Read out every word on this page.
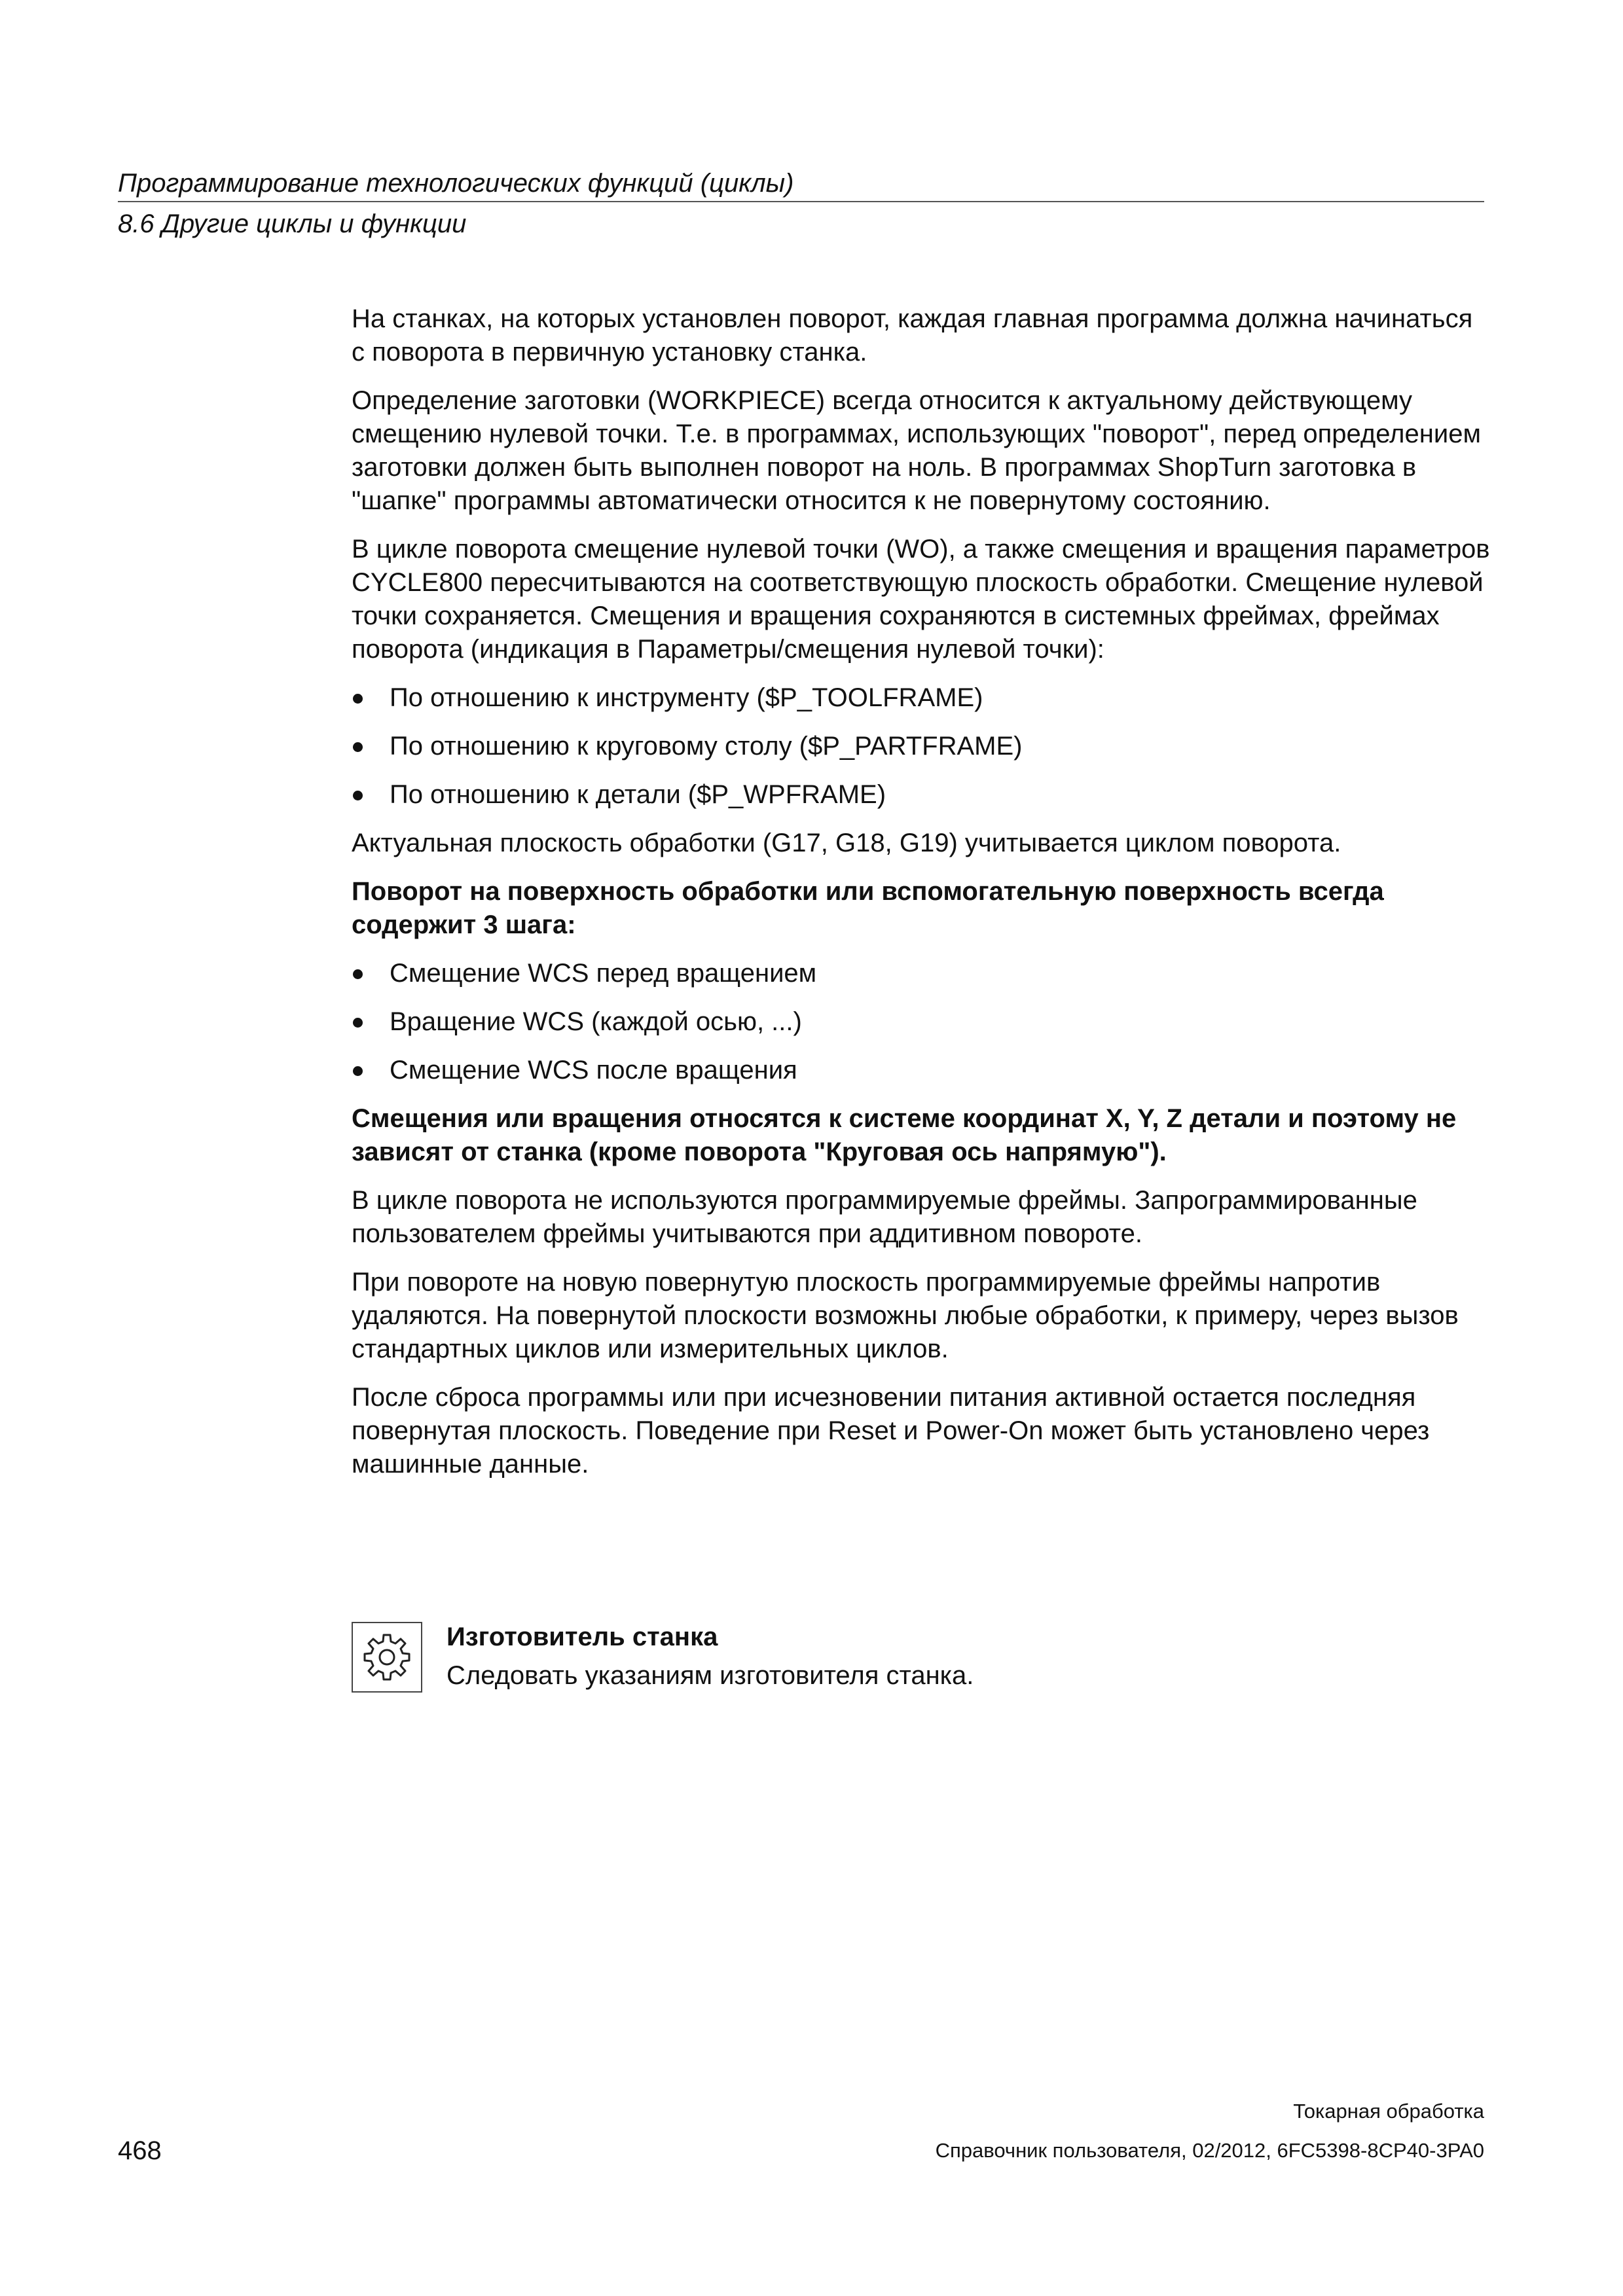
Программирование технологических функций (циклы)
8.6 Другие циклы и функции

На станках, на которых установлен поворот, каждая главная программа должна начинаться с поворота в первичную установку станка.

Определение заготовки (WORKPIECE) всегда относится к актуальному действующему смещению нулевой точки. Т.е. в программах, использующих "поворот", перед определением заготовки должен быть выполнен поворот на ноль. В программах ShopTurn заготовка в "шапке" программы автоматически относится к не повернутому состоянию.

В цикле поворота смещение нулевой точки (WO), а также смещения и вращения параметров CYCLE800 пересчитываются на соответствующую плоскость обработки. Смещение нулевой точки сохраняется. Смещения и вращения сохраняются в системных фреймах, фреймах поворота (индикация в Параметры/смещения нулевой точки):

По отношению к инструменту ($P_TOOLFRAME)
По отношению к круговому столу ($P_PARTFRAME)
По отношению к детали ($P_WPFRAME)

Актуальная плоскость обработки (G17, G18, G19) учитывается циклом поворота.

Поворот на поверхность обработки или вспомогательную поверхность всегда содержит 3 шага:

Смещение WCS перед вращением
Вращение WCS (каждой осью, ...)
Смещение WCS после вращения

Смещения или вращения относятся к системе координат X, Y, Z детали и поэтому не зависят от станка (кроме поворота "Круговая ось напрямую").

В цикле поворота не используются программируемые фреймы. Запрограммированные пользователем фреймы учитываются при аддитивном повороте.

При повороте на новую повернутую плоскость программируемые фреймы напротив удаляются. На повернутой плоскости возможны любые обработки, к примеру, через вызов стандартных циклов или измерительных циклов.

После сброса программы или при исчезновении питания активной остается последняя повернутая плоскость. Поведение при Reset и Power-On может быть установлено через машинные данные.

Изготовитель станка
Следовать указаниям изготовителя станка.
Токарная обработка
468	Справочник пользователя, 02/2012, 6FC5398-8CP40-3PA0
